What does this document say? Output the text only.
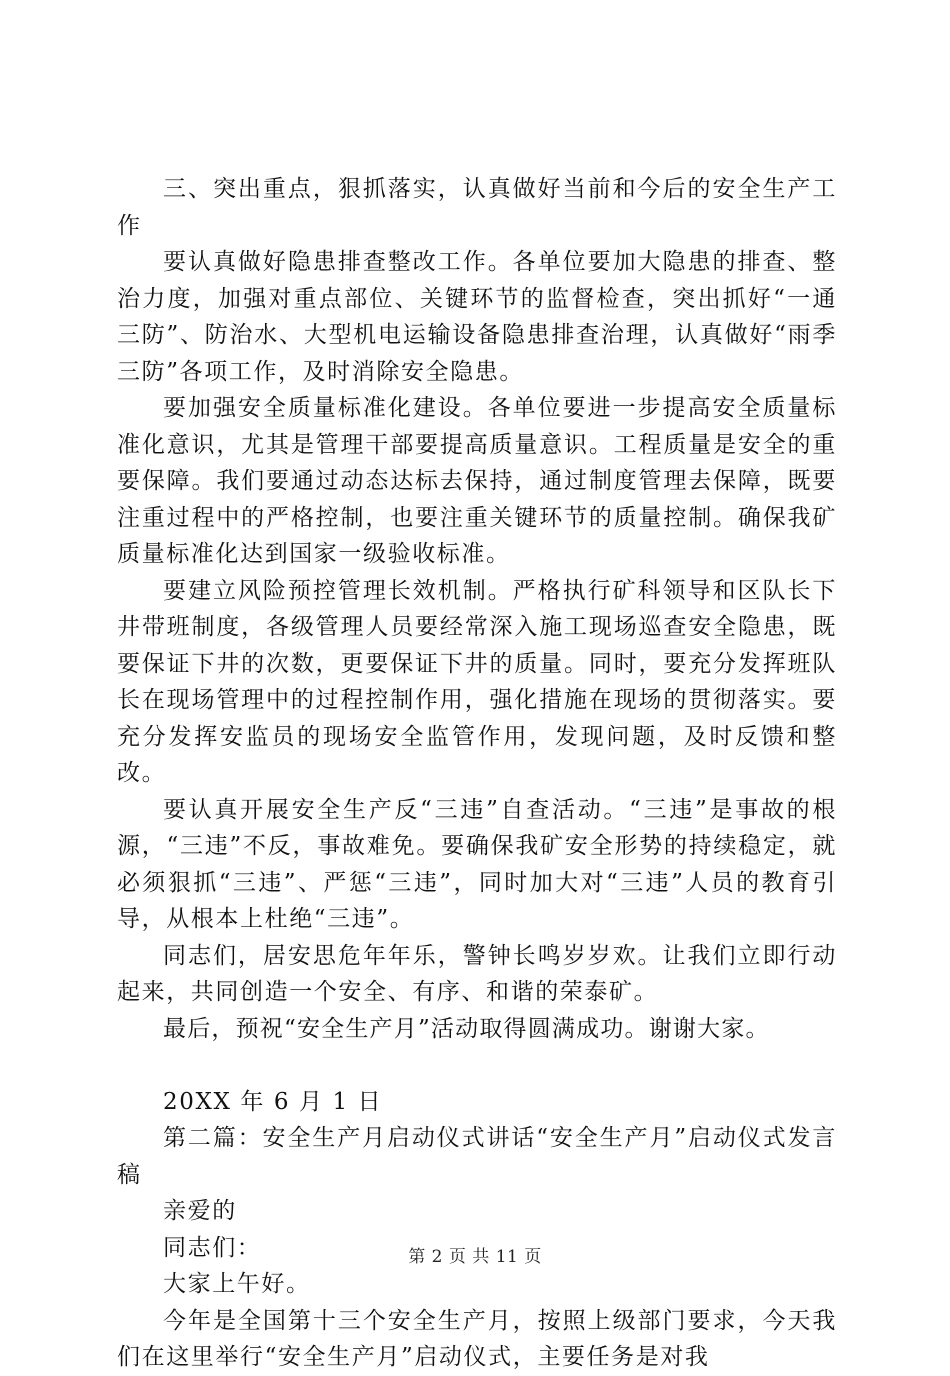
三、突出重点，狠抓落实，认真做好当前和今后的安全生产工作

要认真做好隐患排查整改工作。各单位要加大隐患的排查、整治力度，加强对重点部位、关键环节的监督检查，突出抓好“一通三防”、防治水、大型机电运输设备隐患排查治理，认真做好“雨季三防”各项工作，及时消除安全隐患。

要加强安全质量标准化建设。各单位要进一步提高安全质量标准化意识，尤其是管理干部要提高质量意识。工程质量是安全的重要保障。我们要通过动态达标去保持，通过制度管理去保障，既要注重过程中的严格控制，也要注重关键环节的质量控制。确保我矿质量标准化达到国家一级验收标准。

要建立风险预控管理长效机制。严格执行矿科领导和区队长下井带班制度，各级管理人员要经常深入施工现场巡查安全隐患，既要保证下井的次数，更要保证下井的质量。同时，要充分发挥班队长在现场管理中的过程控制作用，强化措施在现场的贯彻落实。要充分发挥安监员的现场安全监管作用，发现问题，及时反馈和整改。

要认真开展安全生产反“三违”自查活动。“三违”是事故的根源，“三违”不反，事故难免。要确保我矿安全形势的持续稳定，就必须狠抓“三违”、严惩“三违”，同时加大对“三违”人员的教育引导，从根本上杜绝“三违”。

同志们，居安思危年年乐，警钟长鸣岁岁欢。让我们立即行动起来，共同创造一个安全、有序、和谐的荣泰矿。

最后，预祝“安全生产月”活动取得圆满成功。谢谢大家。

20XX 年 6 月 1 日

第二篇：安全生产月启动仪式讲话“安全生产月”启动仪式发言稿

亲爱的

同志们：

大家上午好。

今年是全国第十三个安全生产月，按照上级部门要求，今天我们在这里举行“安全生产月”启动仪式，主要任务是对我

第 2 页 共 11 页
